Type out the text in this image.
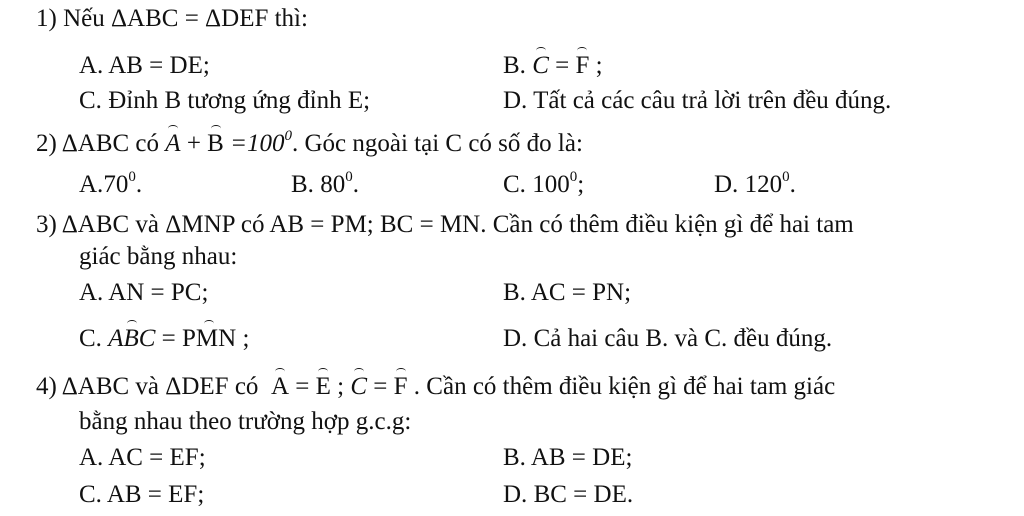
1) Nếu ΔABC = ΔDEF thì:
A. AB = DE;	B. C = F ;
C. Đỉnh B tương ứng đỉnh E;	D. Tất cả các câu trả lời trên đều đúng.
2) ΔABC có $A + B =100^0$. Góc ngoài tại C có số đo là:
$A.70^0$.	B. $80^0$.	C. $100^0$;	D. $120^0$.
3) ΔABC và ΔMNP có AB = PM; BC = MN. Cần có thêm điều kiện gì để hai tam
giác bằng nhau:
A. AN = PC;	B. AC = PN;
C. ABC = PMN ;	D. Cả hai câu B. và C. đều đúng.
4) ΔABC và ΔDEF có A = E ; C = F . Cần có thêm điều kiện gì để hai tam giác
bằng nhau theo trường hợp g.c.g:
A. AC = EF;	B. AB = DE;
C. AB = EF;	D. BC = DE.
